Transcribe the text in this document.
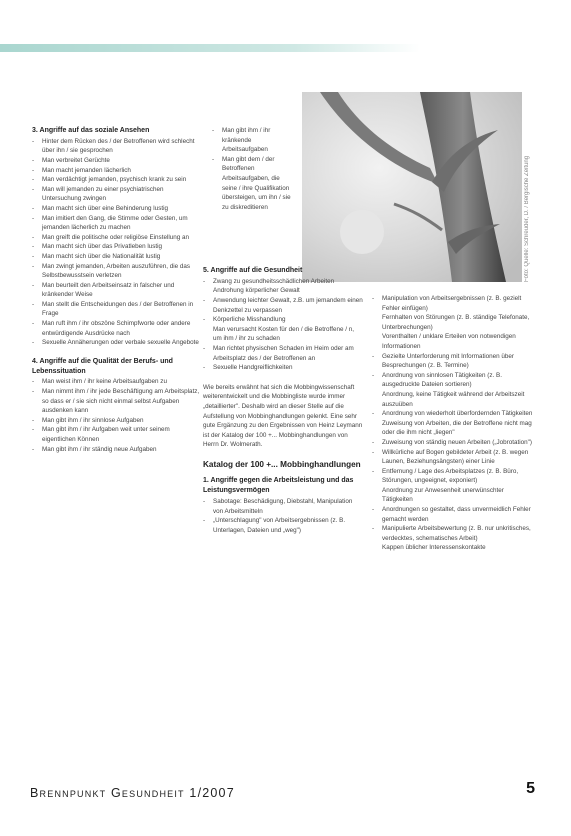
Foto: Quelle: Schreuder, D. / Bergische Zeitung
3. Angriffe auf das soziale Ansehen
- Hinter dem Rücken des / der Betroffenen wird schlecht über ihn / sie gesprochen
- Man verbreitet Gerüchte
- Man macht jemanden lächerlich
- Man verdächtigt jemanden, psychisch krank zu sein
- Man will jemanden zu einer psychiatrischen Untersuchung zwingen
- Man macht sich über eine Behinderung lustig
- Man imitiert den Gang, die Stimme oder Gesten, um jemanden lächerlich zu machen
- Man greift die politische oder religiöse Einstellung an
- Man macht sich über das Privatleben lustig
- Man macht sich über die Nationalität lustig
- Man zwingt jemanden, Arbeiten auszuführen, die das Selbstbewusstsein verletzen
- Man beurteilt den Arbeitseinsatz in falscher und kränkender Weise
- Man stellt die Entscheidungen des / der Betroffenen in Frage
- Man ruft ihm / ihr obszöne Schimpfworte oder andere entwürdigende Ausdrücke nach
- Sexuelle Annäherungen oder verbale sexuelle Angebote
4. Angriffe auf die Qualität der Berufs- und Lebenssituation
- Man weist ihm / ihr keine Arbeitsaufgaben zu
- Man nimmt ihm / ihr jede Beschäftigung am Arbeitsplatz, so dass er / sie sich nicht einmal selbst Aufgaben ausdenken kann
- Man gibt ihm / ihr sinnlose Aufgaben
- Man gibt ihm / ihr Aufgaben weit unter seinem eigentlichen Können
- Man gibt ihm / ihr ständig neue Aufgaben
- Man gibt ihm / ihr kränkende Arbeitsaufgaben
- Man gibt dem / der Betroffenen Arbeitsaufgaben, die seine / ihre Qualifikation übersteigen, um ihn / sie zu diskreditieren
5. Angriffe auf die Gesundheit
- Zwang zu gesundheitsschädlichen Arbeiten
Androhung körperlicher Gewalt
- Anwendung leichter Gewalt, z.B. um jemandem einen Denkzettel zu verpassen
- Körperliche Misshandlung
Man verursacht Kosten für den / die Betroffene / n, um ihm / ihr zu schaden
- Man richtet physischen Schaden im Heim oder am Arbeitsplatz des / der Betroffenen an
- Sexuelle Handgreiflichkeiten

Wie bereits erwähnt hat sich die Mobbingwissenschaft weiterentwickelt und die Mobbingliste wurde immer „detaillierter". Deshalb wird an dieser Stelle auf die Aufstellung von Mobbinghandlungen gelenkt. Eine sehr gute Ergänzung zu den Ergebnissen von Heinz Leymann ist der Katalog der 100 +... Mobbinghandlungen von Herrn Dr. Wolmerath.

Katalog der 100 +... Mobbinghandlungen
1. Angriffe gegen die Arbeitsleistung und das Leistungsvermögen
- Sabotage: Beschädigung, Diebstahl, Manipulation von Arbeitsmitteln
- „Unterschlagung" von Arbeitsergebnissen (z. B. Unterlagen, Dateien und „weg")
- Manipulation von Arbeitsergebnissen (z. B. gezielt Fehler einfügen)
Fernhalten von Störungen (z. B. ständige Telefonate, Unterbrechungen)
Vorenthalten / unklare Erteilen von notwendigen Informationen
- Gezielte Unterforderung mit Informationen über Besprechungen (z. B. Termine)
- Anordnung von sinnlosen Tätigkeiten (z. B. ausgedruckte Dateien sortieren)
Anordnung, keine Tätigkeit während der Arbeitszeit auszuüben
- Anordnung von wiederholt überfordernden Tätigkeiten
Zuweisung von Arbeiten, die der Betroffene nicht mag oder die ihm nicht „liegen"
- Zuweisung von ständig neuen Arbeiten („Jobrotation")
- Willkürliche auf Bogen gebildeter Arbeit (z. B. wegen Launen, Beziehungsängsten) einer Linie
- Entfernung / Lage des Arbeitsplatzes (z. B. Büro, Störungen, ungeeignet, exponiert)
Anordnung zur Anwesenheit unerwünschter Tätigkeiten
- Anordnungen so gestaltet, dass unvermeidlich Fehler gemacht werden
- Manipulierte Arbeitsbewertung (z. B. nur unkritisches, verdecktes, schematisches Arbeit)
Kappen üblicher Interessenskontakte
Brennpunkt Gesundheit 1/2007	5
